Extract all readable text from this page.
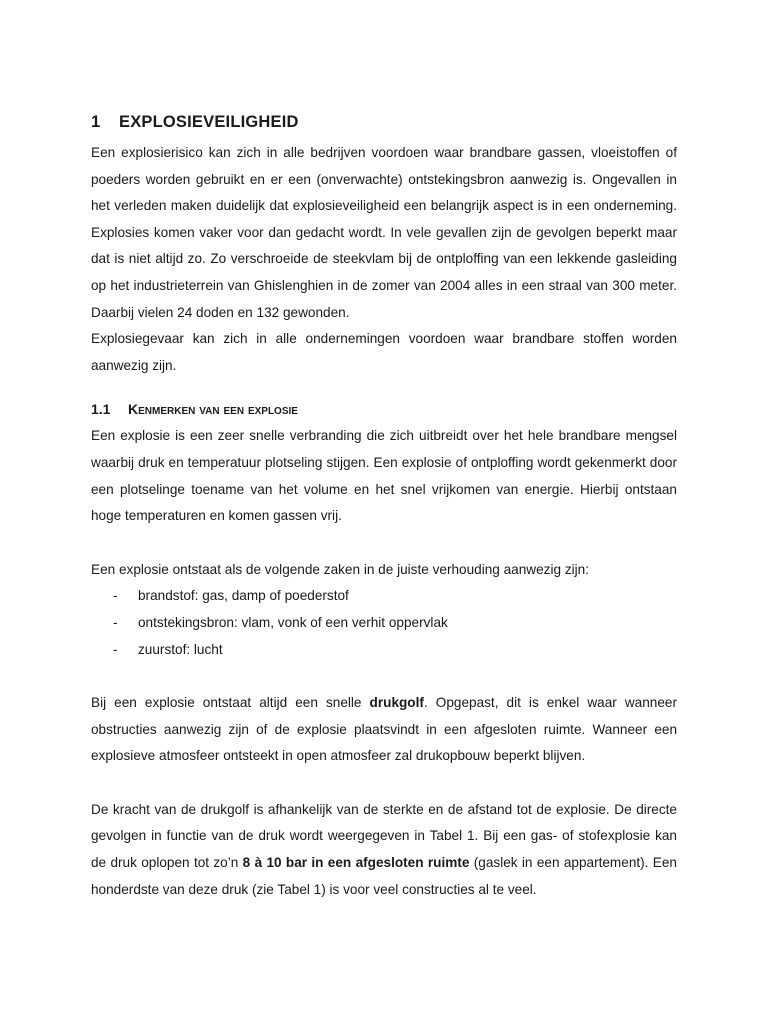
1	EXPLOSIEVEILIGHEID

Een explosierisico kan zich in alle bedrijven voordoen waar brandbare gassen, vloeistoffen of poeders worden gebruikt en er een (onverwachte) ontstekingsbron aanwezig is. Ongevallen in het verleden maken duidelijk dat explosieveiligheid een belangrijk aspect is in een onderneming. Explosies komen vaker voor dan gedacht wordt. In vele gevallen zijn de gevolgen beperkt maar dat is niet altijd zo. Zo verschroeide de steekvlam bij de ontploffing van een lekkende gasleiding op het industrieterrein van Ghislenghien in de zomer van 2004 alles in een straal van 300 meter. Daarbij vielen 24 doden en 132 gewonden.

Explosiegevaar kan zich in alle ondernemingen voordoen waar brandbare stoffen worden aanwezig zijn.

1.1	Kenmerken van een explosie

Een explosie is een zeer snelle verbranding die zich uitbreidt over het hele brandbare mengsel waarbij druk en temperatuur plotseling stijgen. Een explosie of ontploffing wordt gekenmerkt door een plotselinge toename van het volume en het snel vrijkomen van energie. Hierbij ontstaan hoge temperaturen en komen gassen vrij.

Een explosie ontstaat als de volgende zaken in de juiste verhouding aanwezig zijn:

- brandstof: gas, damp of poederstof
- ontstekingsbron: vlam, vonk of een verhit oppervlak
- zuurstof: lucht

Bij een explosie ontstaat altijd een snelle drukgolf. Opgepast, dit is enkel waar wanneer obstructies aanwezig zijn of de explosie plaatsvindt in een afgesloten ruimte. Wanneer een explosieve atmosfeer ontsteekt in open atmosfeer zal drukopbouw beperkt blijven.

De kracht van de drukgolf is afhankelijk van de sterkte en de afstand tot de explosie. De directe gevolgen in functie van de druk wordt weergegeven in Tabel 1. Bij een gas- of stofexplosie kan de druk oplopen tot zo’n 8 à 10 bar in een afgesloten ruimte (gaslek in een appartement). Een honderdste van deze druk (zie Tabel 1) is voor veel constructies al te veel.
